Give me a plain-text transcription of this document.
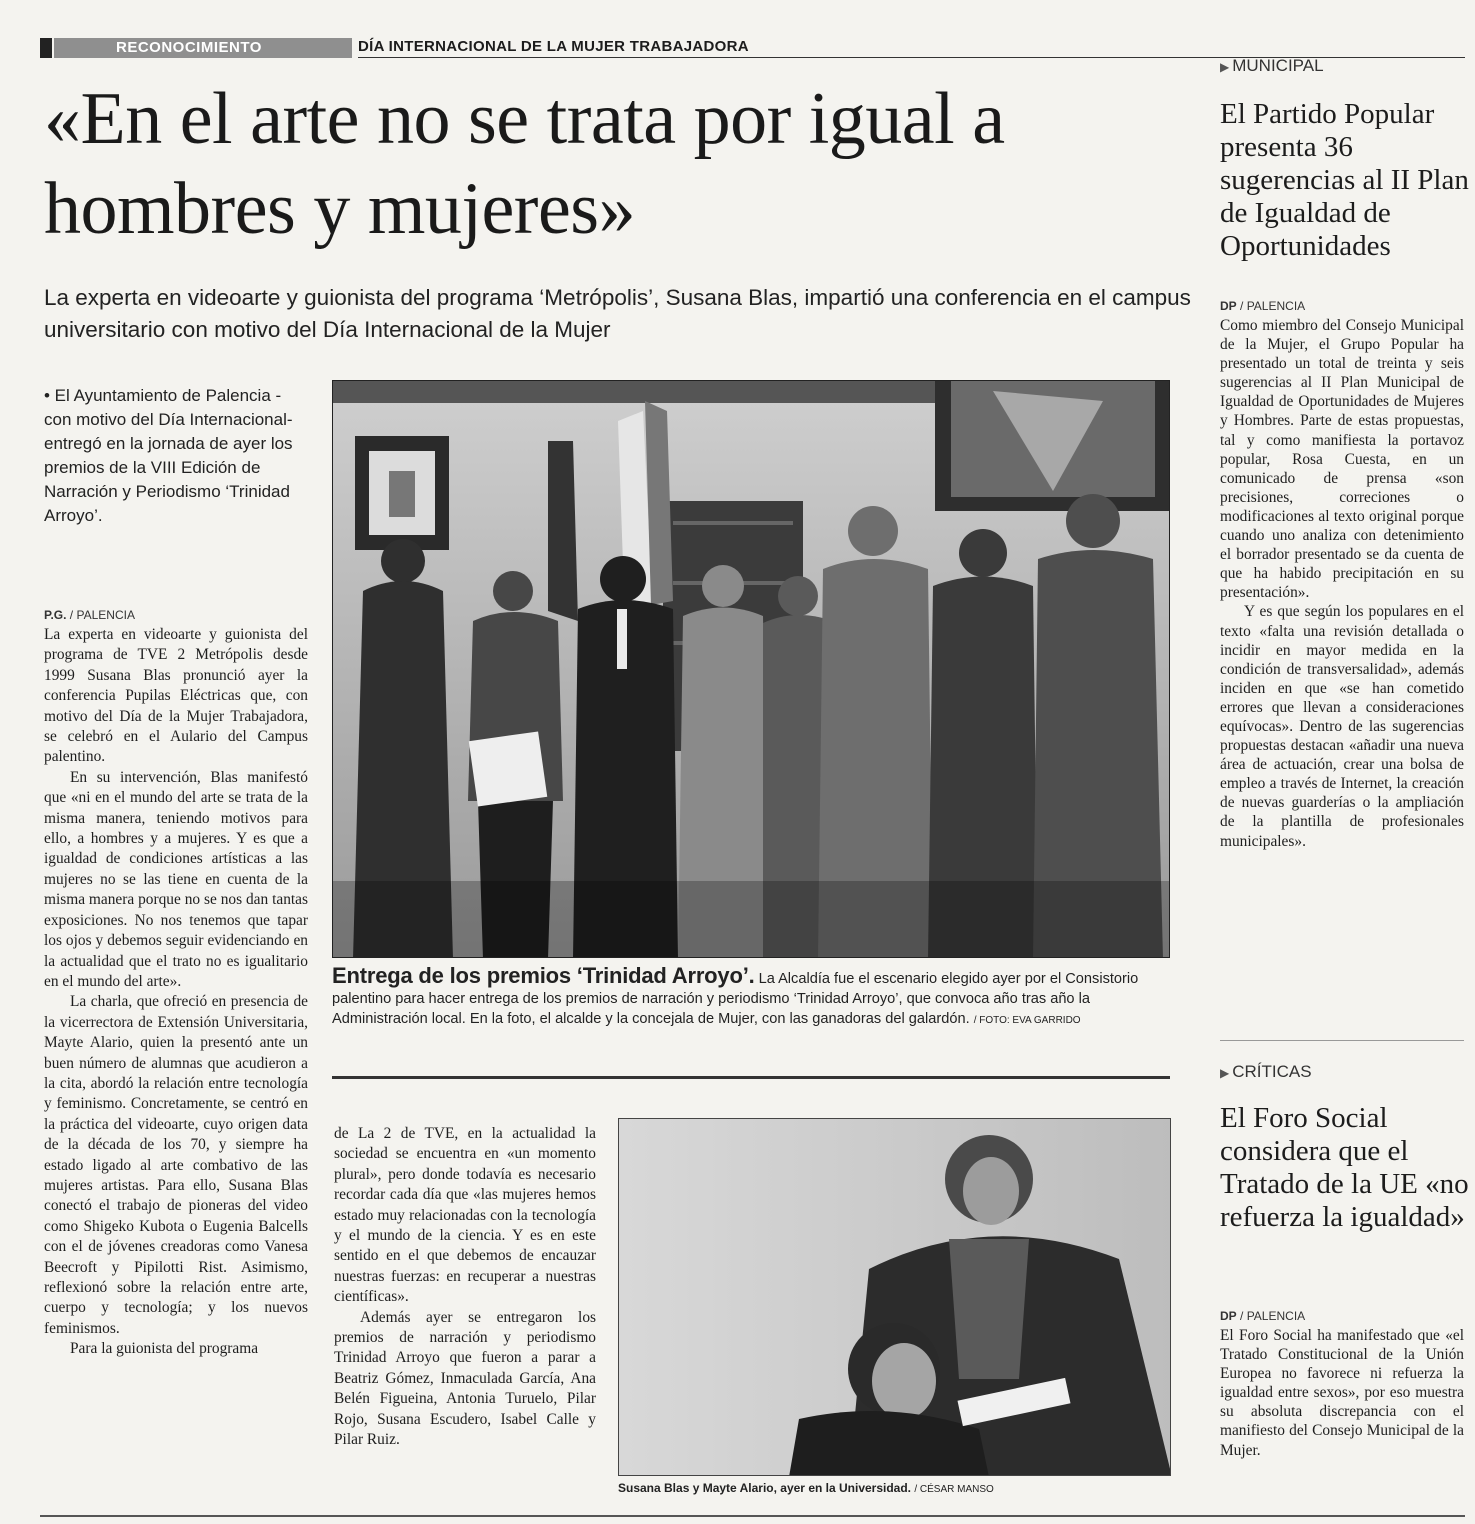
RECONOCIMIENTO	DÍA INTERNACIONAL DE LA MUJER TRABAJADORA
«En el arte no se trata por igual a hombres y mujeres»
La experta en videoarte y guionista del programa ‘Metrópolis’, Susana Blas, impartió una conferencia en el campus universitario con motivo del Día Internacional de la Mujer
• El Ayuntamiento de Palencia -con motivo del Día Internacional- entregó en la jornada de ayer los premios de la VIII Edición de Narración y Periodismo ‘Trinidad Arroyo’.
P.G. / PALENCIA

La experta en videoarte y guionista del programa de TVE 2 Metrópolis desde 1999 Susana Blas pronunció ayer la conferencia Pupilas Eléctricas que, con motivo del Día de la Mujer Trabajadora, se celebró en el Aulario del Campus palentino.

En su intervención, Blas manifestó que «ni en el mundo del arte se trata de la misma manera, teniendo motivos para ello, a hombres y a mujeres. Y es que a igualdad de condiciones artísticas a las mujeres no se las tiene en cuenta de la misma manera porque no se nos dan tantas exposiciones. No nos tenemos que tapar los ojos y debemos seguir evidenciando en la actualidad que el trato no es igualitario en el mundo del arte».

La charla, que ofreció en presencia de la vicerrectora de Extensión Universitaria, Mayte Alario, quien la presentó ante un buen número de alumnas que acudieron a la cita, abordó la relación entre tecnología y feminismo. Concretamente, se centró en la práctica del videoarte, cuyo origen data de la década de los 70, y siempre ha estado ligado al arte combativo de las mujeres artistas. Para ello, Susana Blas conectó el trabajo de pioneras del video como Shigeko Kubota o Eugenia Balcells con el de jóvenes creadoras como Vanesa Beecroft y Pipilotti Rist. Asimismo, reflexionó sobre la relación entre arte, cuerpo y tecnología; y los nuevos feminismos.

Para la guionista del programa

Entrega de los premios ‘Trinidad Arroyo’. La Alcaldía fue el escenario elegido ayer por el Consistorio palentino para hacer entrega de los premios de narración y periodismo ‘Trinidad Arroyo’, que convoca año tras año la Administración local. En la foto, el alcalde y la concejala de Mujer, con las ganadoras del galardón. / FOTO: EVA GARRIDO

de La 2 de TVE, en la actualidad la sociedad se encuentra en «un momento plural», pero donde todavía es necesario recordar cada día que «las mujeres hemos estado muy relacionadas con la tecnología y el mundo de la ciencia. Y es en este sentido en el que debemos de encauzar nuestras fuerzas: en recuperar a nuestras científicas».

Además ayer se entregaron los premios de narración y periodismo Trinidad Arroyo que fueron a parar a Beatriz Gómez, Inmaculada García, Ana Belén Figueina, Antonia Turuelo, Pilar Rojo, Susana Escudero, Isabel Calle y Pilar Ruiz.

Susana Blas y Mayte Alario, ayer en la Universidad. / CÉSAR MANSO
▶ MUNICIPAL
El Partido Popular presenta 36 sugerencias al II Plan de Igualdad de Oportunidades
DP / PALENCIA

Como miembro del Consejo Municipal de la Mujer, el Grupo Popular ha presentado un total de treinta y seis sugerencias al II Plan Municipal de Igualdad de Oportunidades de Mujeres y Hombres. Parte de estas propuestas, tal y como manifiesta la portavoz popular, Rosa Cuesta, en un comunicado de prensa «son precisiones, correciones o modificaciones al texto original porque cuando uno analiza con detenimiento el borrador presentado se da cuenta de que ha habido precipitación en su presentación».

Y es que según los populares en el texto «falta una revisión detallada o incidir en mayor medida en la condición de transversalidad», además inciden en que «se han cometido errores que llevan a consideraciones equívocas». Dentro de las sugerencias propuestas destacan «añadir una nueva área de actuación, crear una bolsa de empleo a través de Internet, la creación de nuevas guarderías o la ampliación de la plantilla de profesionales municipales».

▶ CRÍTICAS
El Foro Social considera que el Tratado de la UE «no refuerza la igualdad»
DP / PALENCIA

El Foro Social ha manifestado que «el Tratado Constitucional de la Unión Europea no favorece ni refuerza la igualdad entre sexos», por eso muestra su absoluta discrepancia con el manifiesto del Consejo Municipal de la Mujer.
